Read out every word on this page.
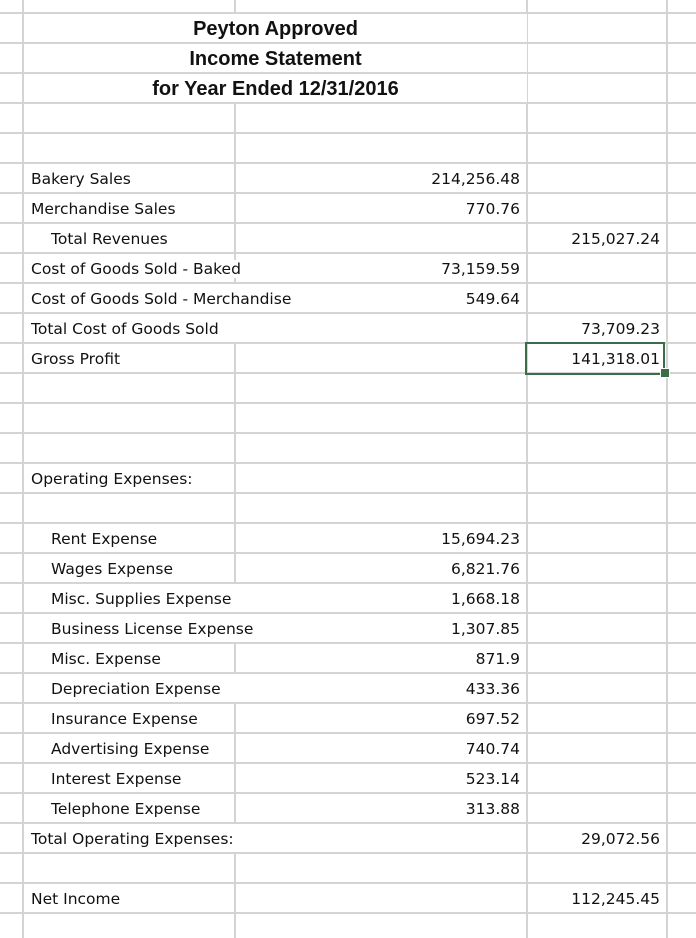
Peyton Approved
Income Statement
for Year Ended 12/31/2016
Bakery Sales	214,256.48
Merchandise Sales	770.76
Total Revenues	215,027.24
Cost of Goods Sold - Baked	73,159.59
Cost of Goods Sold - Merchandise	549.64
Total Cost of Goods Sold	73,709.23
Gross Profit	141,318.01
Operating Expenses:
Rent Expense	15,694.23
Wages Expense	6,821.76
Misc. Supplies Expense	1,668.18
Business License Expense	1,307.85
Misc. Expense	871.9
Depreciation Expense	433.36
Insurance Expense	697.52
Advertising Expense	740.74
Interest Expense	523.14
Telephone Expense	313.88
Total Operating Expenses:	29,072.56
Net Income	112,245.45
